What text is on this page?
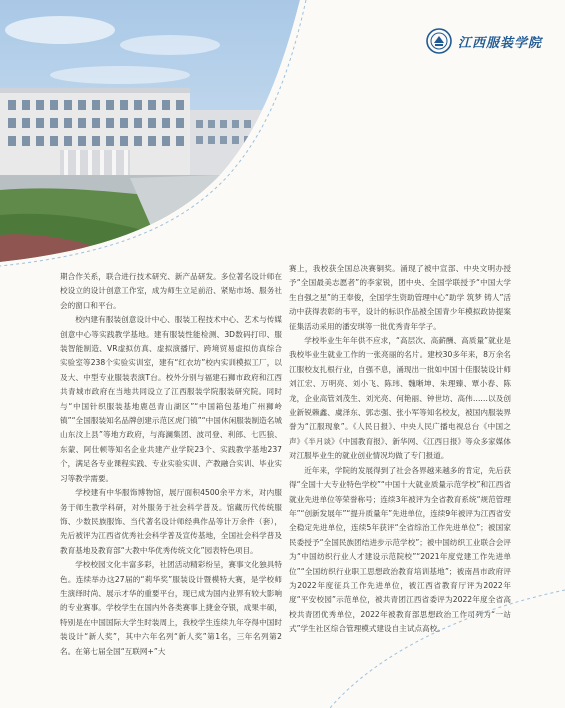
江西服装学院

期合作关系，联合进行技术研究、新产品研发。多位著名设计师在校设立的设计创意工作室，成为师生立足前沿、紧贴市场、服务社会的窗口和平台。

校内建有服装创意设计中心、服装工程技术中心、艺术与传媒创意中心等实践教学基地。建有服装性能检测、3D数码打印、服装智能制造、VR虚拟仿真、虚拟演播厅、跨境贸易虚拟仿真综合实验室等238个实验实训室，建有“红衣坊”校内实训模拟工厂，以及大、中型专业服装表演T台。校外分别与福建石狮市政府和江西共青城市政府在当地共同设立了江西服装学院服装研究院。同时与“中国针织服装基地鹿邑青山湖区”“中国箱包基地广州狮岭镇”“全国服装知名品牌创建示范区虎门镇”“中国休闲服装制造名城山东汶上县”等地方政府，与海澜集团、波司登、利郎、七匹狼、东蒙、阿仕顿等知名企业共建产业学院23个、实践教学基地237个，满足各专业课程实践、专业实验实训、产教融合实训、毕业实习等教学需要。

学校建有中华服饰博物馆，展厅面积4500余平方米，对内服务于师生教学科研，对外服务于社会科学普及。馆藏历代传统服饰、少数民族服饰、当代著名设计师经典作品等计万余件（套），先后被评为江西省优秀社会科学普及宣传基地，全国社会科学普及教育基地及教育部“大教中华优秀传统文化”园表特色项目。

学校校园文化丰富多彩，社团活动精彩纷呈，赛事文化独具特色。连续举办这27届的“莉华奖”服装设计暨模特大赛，是学校师生演绎时尚、展示才华的重要平台，现已成为国内业界有较大影响的专业赛事。学校学生在国内外各类赛事上捷金夺银，成果丰硕，特别是在中国国际大学生时装周上，我校学生连续九年夺得中国时装设计“新人奖”，其中六年名列“新人奖”第1名，三年名列第2名。在第七届全国“互联网+”大

赛上，我校获全国总决赛铜奖。涌现了被中宣部、中央文明办授予“全国最美志愿者”的李家锐，团中央、全国学联授予“中国大学生自强之星”的王奉俊，全国学生资助管理中心“助学 筑梦 铸人”活动中获得表彰的韦平，设计的标识作品被全国青少年模拟政协提案征集活动采用的潘安琪等一批优秀青年学子。

学校毕业生年年供不应求，“高层次、高薪酬、高质量”就业是我校毕业生就业工作的一张亮丽的名片。建校30多年来，8万余名江服校友扎根行业，自强不息，涌现出一批如中国十佳服装设计师刘江宏、万明亮、刘小飞、陈玮、魏晰坤、朱理臻、覃小春、陈龙，企业高管刘茂生、刘光亮、何艳丽、钟世坊、高伟……以及创业新锐赖鑫、虞泽东、郭志强、张小军等知名校友，被国内服装界誉为“江服现象”。《人民日报》、中央人民广播电视总台《中国之声》《半月谈》《中国教育报》、新华网、《江西日报》等众多家媒体对江服毕业生的就业创业情况均做了专门报道。

近年来，学院的发展得到了社会各界越来越多的肯定，先后获得“全国十大专业特色学校”“中国十大就业质量示范学校”和江西省就业先进单位等荣誉称号；连续3年被评为全省教育系统“规范管理年”“创新发展年”“提升质量年”先进单位，连续9年被评为江西省安全稳定先进单位，连续5年获评“全省综治工作先进单位”；被国家民委授予“全国民族团结进步示范学校”；被中国纺织工业联合会评为“中国纺织行业人才建设示范院校”“2021年度党建工作先进单位”“全国纺织行业职工思想政治教育培训基地”；被南昌市政府评为2022年度征兵工作先进单位，被江西省教育厅评为2022年度“平安校园”示范单位，被共青团江西省委评为2022年度全省高校共青团优秀单位，2022年被教育部思想政治工作司列为“一站式”学生社区综合管理模式建设自主试点高校。
